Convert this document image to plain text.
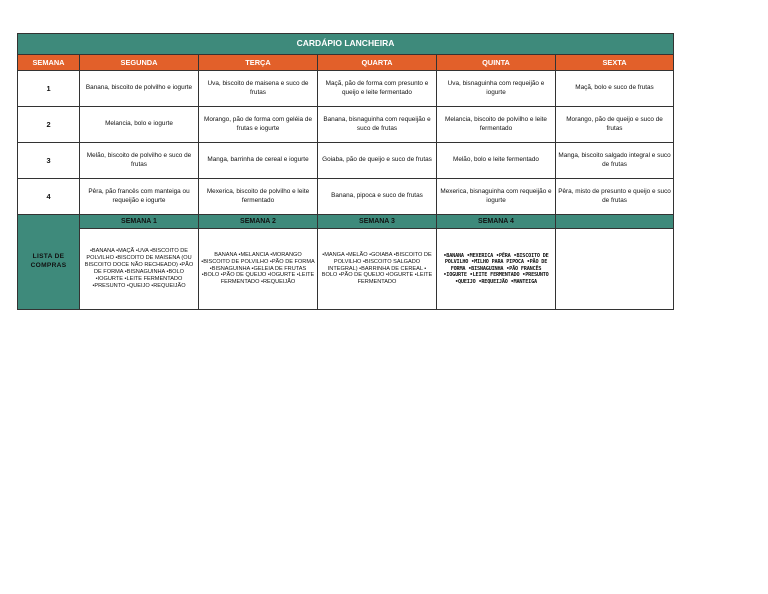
CARDÁPIO LANCHEIRA					
SEMANA	SEGUNDA	TERÇA	QUARTA	QUINTA	SEXTA
1	Banana, biscoito de polvilho e iogurte	Uva, biscoito de maisena e suco de frutas	Maçã, pão de forma com presunto e queijo e leite fermentado	Uva, bisnaguinha com requeijão e iogurte	Maçã, bolo e suco de frutas
2	Melancia, bolo e iogurte	Morango, pão de forma com geléia de frutas e iogurte	Banana, bisnaguinha com requeijão e suco de frutas	Melancia, biscoito de polvilho e leite fermentado	Morango, pão de queijo e suco de frutas
3	Melão, biscoito de polvilho e suco de frutas	Manga, barrinha de cereal e iogurte	Goiaba, pão de queijo e suco de frutas	Melão, bolo e leite fermentado	Manga, biscoito salgado integral e suco de frutas
4	Pêra, pão francês com manteiga ou requeijão e iogurte	Mexerica, biscoito de polvilho e leite fermentado	Banana, pipoca e suco de frutas	Mexerica, bisnaguinha com requeijão e iogurte	Pêra, misto de presunto e queijo e suco de frutas
LISTA DE COMPRAS	SEMANA 1	SEMANA 2	SEMANA 3	SEMANA 4	
	•BANANA •MAÇÃ •UVA •BISCOITO DE POLVILHO •BISCOITO DE MAISENA (OU BISCOITO DOCE NÃO RECHEADO) •PÃO DE FORMA •BISNAGUINHA •BOLO •IOGURTE •LEITE FERMENTADO •PRESUNTO •QUEIJO •REQUEIJÃO	BANANA •MELANCIA •MORANGO •BISCOITO DE POLVILHO •PÃO DE FORMA •BISNAGUINHA •GELEIA DE FRUTAS •BOLO •PÃO DE QUEIJO •IOGURTE •LEITE FERMENTADO •REQUEIJÃO	•MANGA •MELÃO •GOIABA •BISCOITO DE POLVILHO •BISCOITO SALGADO INTEGRAL) •BARRINHA DE CEREAL • BOLO •PÃO DE QUEIJO •IOGURTE •LEITE FERMENTADO	•BANANA •MEXERICA •PÊRA •BISCOITO DE POLVILHO •MILHO PARA PIPOCA •PÃO DE FORMA •BISNAGUINHA •PÃO FRANCÊS •IOGURTE •LEITE FERMENTADO •PRESUNTO •QUEIJO •REQUEIJÃO •MANTEIGA	
